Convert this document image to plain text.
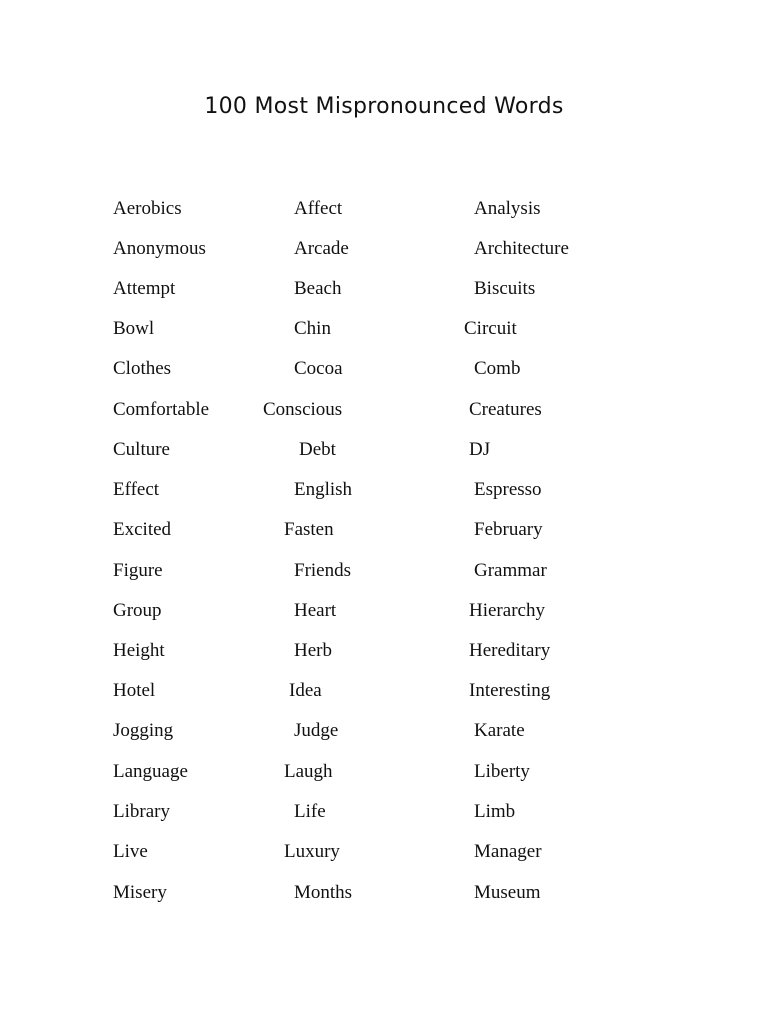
100 Most Mispronounced Words
Aerobics
Anonymous
Attempt
Bowl
Clothes
Comfortable
Culture
Effect
Excited
Figure
Group
Height
Hotel
Jogging
Language
Library
Live
Misery
Affect
Arcade
Beach
Chin
Cocoa
Conscious
Debt
English
Fasten
Friends
Heart
Herb
Idea
Judge
Laugh
Life
Luxury
Months
Analysis
Architecture
Biscuits
Circuit
Comb
Creatures
DJ
Espresso
February
Grammar
Hierarchy
Hereditary
Interesting
Karate
Liberty
Limb
Manager
Museum
